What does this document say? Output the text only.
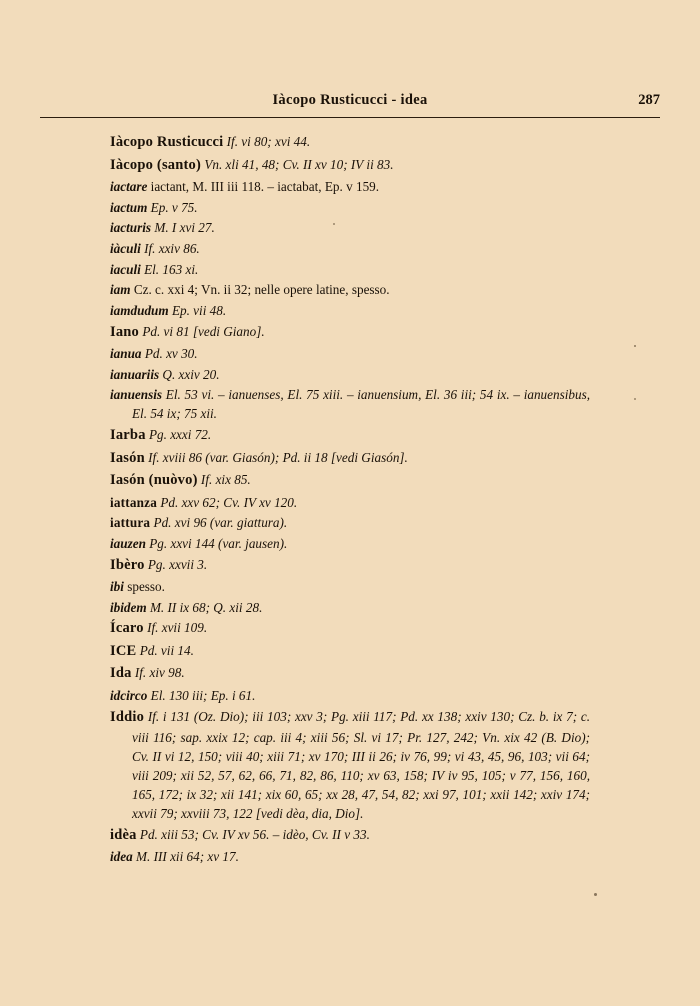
Iàcopo Rusticucci - idea	287

Iàcopo Rusticucci If. vi 80; xvi 44.

Iàcopo (santo) Vn. xli 41, 48; Cv. II xv 10; IV ii 83.

iactare iactant, M. III iii 118. – iactabat, Ep. v 159.

iactum Ep. v 75.

iacturis M. I xvi 27.

iàculi If. xxiv 86.

iaculi El. 163 xi.

iam Cz. c. xxi 4; Vn. ii 32; nelle opere latine, spesso.

iamdudum Ep. vii 48.

Iano Pd. vi 81 [vedi Giano].

ianua Pd. xv 30.

ianuariis Q. xxiv 20.

ianuensis El. 53 vi. – ianuenses, El. 75 xiii. – ianuensium, El. 36 iii; 54 ix. – ianuensibus, El. 54 ix; 75 xii.

Iarba Pg. xxxi 72.

Iasón If. xviii 86 (var. Giasón); Pd. ii 18 [vedi Giasón].

Iasón (nuòvo) If. xix 85.

iattanza Pd. xxv 62; Cv. IV xv 120.

iattura Pd. xvi 96 (var. giattura).

iauzen Pg. xxvi 144 (var. jausen).

Ibèro Pg. xxvii 3.

ibi spesso.

ibidem M. II ix 68; Q. xii 28.

Ícaro If. xvii 109.

ICE Pd. vii 14.

Ida If. xiv 98.

idcirco El. 130 iii; Ep. i 61.

Iddio If. i 131 (Oz. Dio); iii 103; xxv 3; Pg. xiii 117; Pd. xx 138; xxiv 130; Cz. b. ix 7; c. viii 116; sap. xxix 12; cap. iii 4; xiii 56; Sl. vi 17; Pr. 127, 242; Vn. xix 42 (B. Dio); Cv. II vi 12, 150; viii 40; xiii 71; xv 170; III ii 26; iv 76, 99; vi 43, 45, 96, 103; vii 64; viii 209; xii 52, 57, 62, 66, 71, 82, 86, 110; xv 63, 158; IV iv 95, 105; v 77, 156, 160, 165, 172; ix 32; xii 141; xix 60, 65; xx 28, 47, 54, 82; xxi 97, 101; xxii 142; xxiv 174; xxvii 79; xxviii 73, 122 [vedi dèa, dia, Dio].

idèa Pd. xiii 53; Cv. IV xv 56. – idèo, Cv. II v 33.

idea M. III xii 64; xv 17.
